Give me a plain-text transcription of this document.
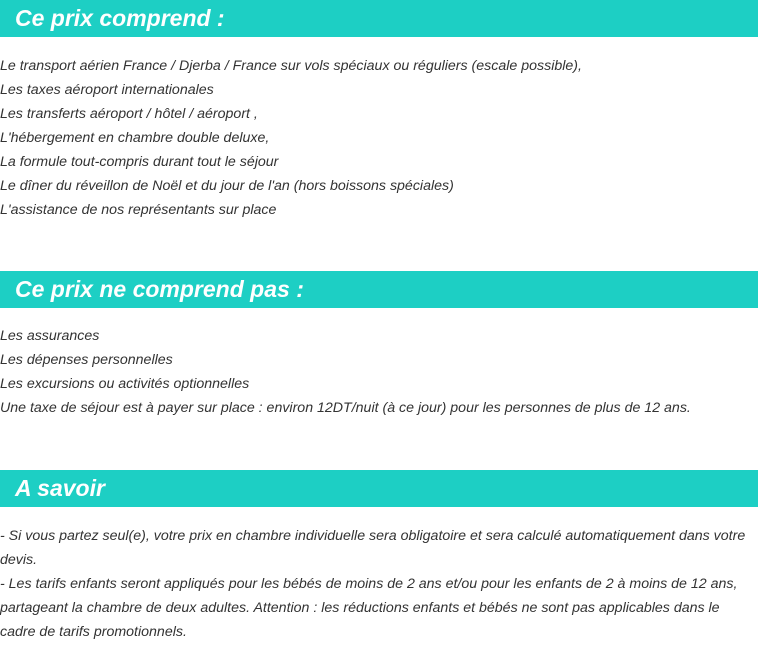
Ce prix comprend :
Le transport aérien France / Djerba / France sur vols spéciaux ou réguliers (escale possible),
Les taxes aéroport internationales
Les transferts aéroport / hôtel / aéroport ,
L'hébergement en chambre double deluxe,
La formule tout-compris durant tout le séjour
Le dîner du réveillon de Noël et du jour de l'an (hors boissons spéciales)
L'assistance de nos représentants sur place
Ce prix ne comprend pas :
Les assurances
Les dépenses personnelles
Les excursions ou activités optionnelles
Une taxe de séjour est à payer sur place : environ 12DT/nuit (à ce jour) pour les personnes de plus de 12 ans.
A savoir
- Si vous partez seul(e), votre prix en chambre individuelle sera obligatoire et sera calculé automatiquement dans votre devis.
- Les tarifs enfants seront appliqués pour les bébés de moins de 2 ans et/ou pour les enfants de 2 à moins de 12 ans, partageant la chambre de deux adultes. Attention : les réductions enfants et bébés ne sont pas applicables dans le cadre de tarifs promotionnels.
